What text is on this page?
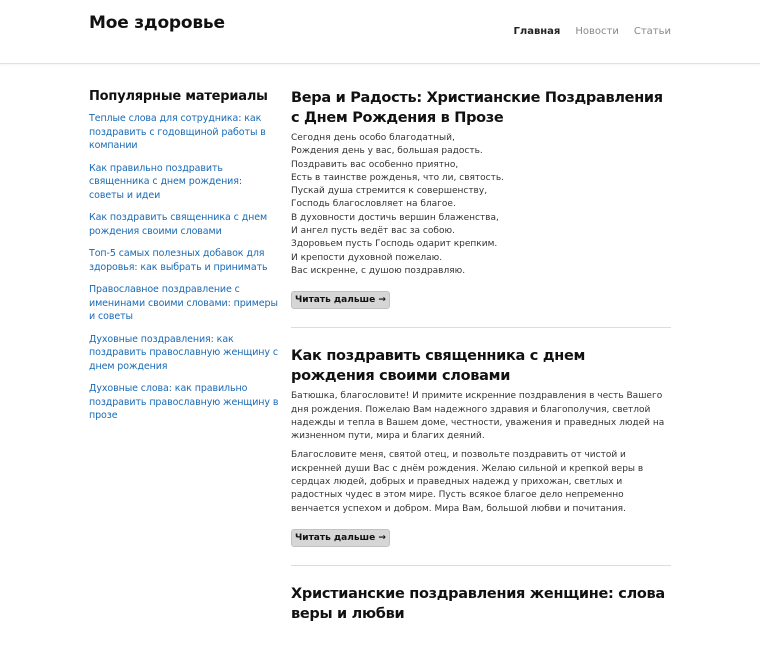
Мое здоровье	Главная Новости Статьи
Популярные материалы
Теплые слова для сотрудника: как поздравить с годовщиной работы в компании
Как правильно поздравить священника с днем рождения: советы и идеи
Как поздравить священника с днем рождения своими словами
Топ-5 самых полезных добавок для здоровья: как выбрать и принимать
Православное поздравление с именинами своими словами: примеры и советы
Духовные поздравления: как поздравить православную женщину с днем рождения
Духовные слова: как правильно поздравить православную женщину в прозе
Вера и Радость: Христианские Поздравления с Днем Рождения в Прозе

Сегодня день особо благодатный,
Рождения день у вас, большая радость.
Поздравить вас особенно приятно,
Есть в таинстве рожденья, что ли, святость.
Пускай душа стремится к совершенству,
Господь благословляет на благое.
В духовности достичь вершин блаженства,
И ангел пусть ведёт вас за собою.
Здоровьем пусть Господь одарит крепким.
И крепости духовной пожелаю.
Вас искренне, с душою поздравляю.

Читать дальше →
Как поздравить священника с днем рождения своими словами

Батюшка, благословите! И примите искренние поздравления в честь Вашего дня рождения. Пожелаю Вам надежного здравия и благополучия, светлой надежды и тепла в Вашем доме, честности, уважения и праведных людей на жизненном пути, мира и благих деяний.

Благословите меня, святой отец, и позвольте поздравить от чистой и искренней души Вас с днём рождения. Желаю сильной и крепкой веры в сердцах людей, добрых и праведных надежд у прихожан, светлых и радостных чудес в этом мире. Пусть всякое благое дело непременно венчается успехом и добром. Мира Вам, большой любви и почитания.

Читать дальше →
Христианские поздравления женщине: слова веры и любви
